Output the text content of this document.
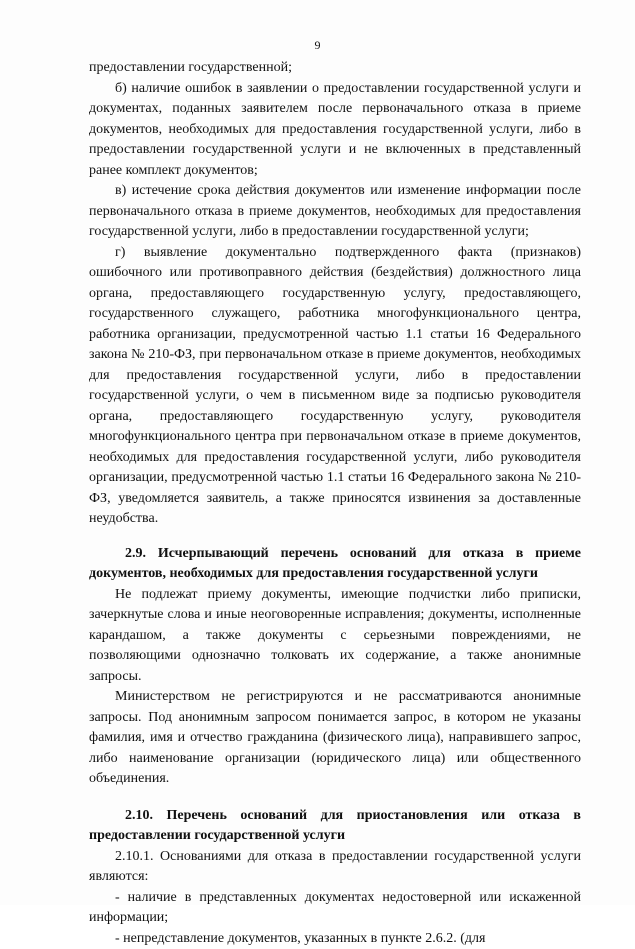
9

предоставлении государственной;

б) наличие ошибок в заявлении о предоставлении государственной услуги и документах, поданных заявителем после первоначального отказа в приеме документов, необходимых для предоставления государственной услуги, либо в предоставлении государственной услуги и не включенных в представленный ранее комплект документов;

в) истечение срока действия документов или изменение информации после первоначального отказа в приеме документов, необходимых для предоставления государственной услуги, либо в предоставлении государственной услуги;

г) выявление документально подтвержденного факта (признаков) ошибочного или противоправного действия (бездействия) должностного лица органа, предоставляющего государственную услугу, предоставляющего, государственного служащего, работника многофункционального центра, работника организации, предусмотренной частью 1.1 статьи 16 Федерального закона № 210-ФЗ, при первоначальном отказе в приеме документов, необходимых для предоставления государственной услуги, либо в предоставлении государственной услуги, о чем в письменном виде за подписью руководителя органа, предоставляющего государственную услугу, руководителя многофункционального центра при первоначальном отказе в приеме документов, необходимых для предоставления государственной услуги, либо руководителя организации, предусмотренной частью 1.1 статьи 16 Федерального закона № 210-ФЗ, уведомляется заявитель, а также приносятся извинения за доставленные неудобства.

2.9. Исчерпывающий перечень оснований для отказа в приеме документов, необходимых для предоставления государственной услуги

Не подлежат приему документы, имеющие подчистки либо приписки, зачеркнутые слова и иные неоговоренные исправления; документы, исполненные карандашом, а также документы с серьезными повреждениями, не позволяющими однозначно толковать их содержание, а также анонимные запросы.

Министерством не регистрируются и не рассматриваются анонимные запросы. Под анонимным запросом понимается запрос, в котором не указаны фамилия, имя и отчество гражданина (физического лица), направившего запрос, либо наименование организации (юридического лица) или общественного объединения.

2.10. Перечень оснований для приостановления или отказа в предоставлении государственной услуги

2.10.1. Основаниями для отказа в предоставлении государственной услуги являются:

- наличие в представленных документах недостоверной или искаженной информации;

- непредставление документов, указанных в пункте 2.6.2. (для
